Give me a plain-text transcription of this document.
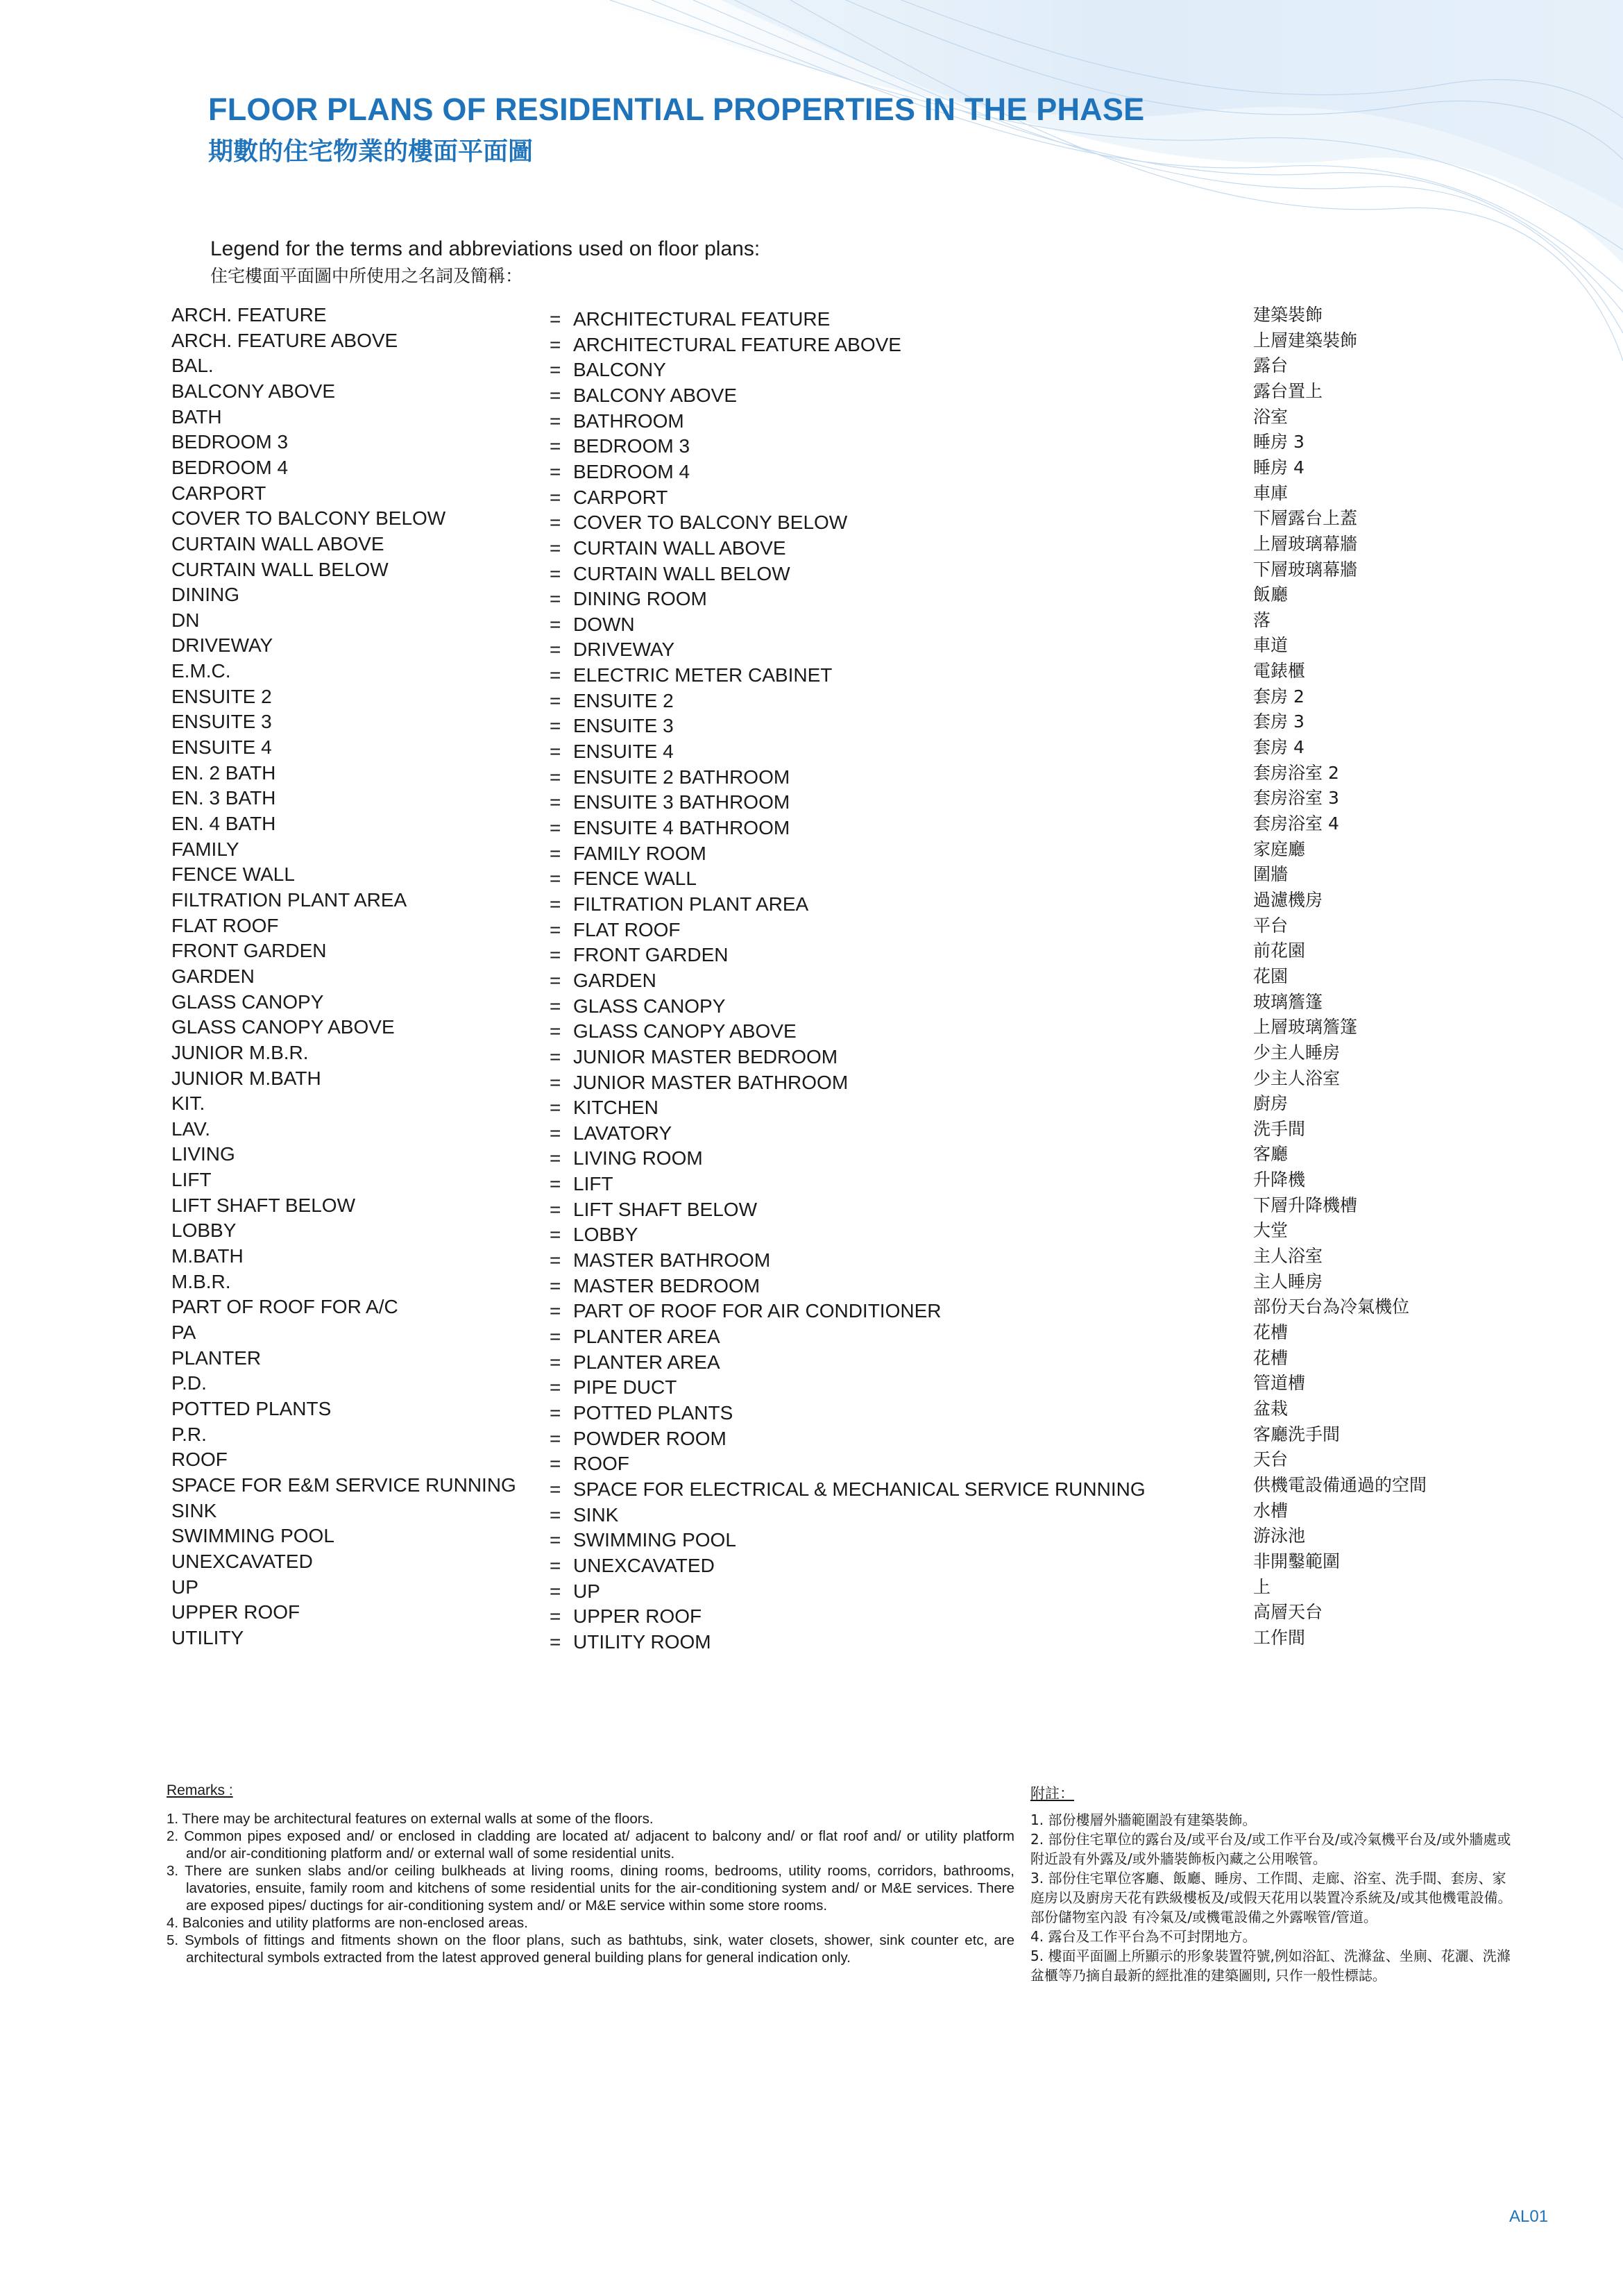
FLOOR PLANS OF RESIDENTIAL PROPERTIES IN THE PHASE
期數的住宅物業的樓面平面圖
Legend for the terms and abbreviations used on floor plans:
住宅樓面平面圖中所使用之名詞及簡稱：
ARCH. FEATURE	= ARCHITECTURAL FEATURE	建築裝飾
ARCH. FEATURE ABOVE	= ARCHITECTURAL FEATURE ABOVE	上層建築裝飾
BAL.	= BALCONY	露台
BALCONY ABOVE	= BALCONY ABOVE	露台置上
BATH	= BATHROOM	浴室
BEDROOM 3	= BEDROOM 3	睡房 3
BEDROOM 4	= BEDROOM 4	睡房 4
CARPORT	= CARPORT	車庫
COVER TO BALCONY BELOW	= COVER TO BALCONY BELOW	下層露台上蓋
CURTAIN WALL ABOVE	= CURTAIN WALL ABOVE	上層玻璃幕牆
CURTAIN WALL BELOW	= CURTAIN WALL BELOW	下層玻璃幕牆
DINING	= DINING ROOM	飯廳
DN	= DOWN	落
DRIVEWAY	= DRIVEWAY	車道
E.M.C.	= ELECTRIC METER CABINET	電錶櫃
ENSUITE 2	= ENSUITE 2	套房 2
ENSUITE 3	= ENSUITE 3	套房 3
ENSUITE 4	= ENSUITE 4	套房 4
EN. 2 BATH	= ENSUITE 2 BATHROOM	套房浴室 2
EN. 3 BATH	= ENSUITE 3 BATHROOM	套房浴室 3
EN. 4 BATH	= ENSUITE 4 BATHROOM	套房浴室 4
FAMILY	= FAMILY ROOM	家庭廳
FENCE WALL	= FENCE WALL	圍牆
FILTRATION PLANT AREA	= FILTRATION PLANT AREA	過濾機房
FLAT ROOF	= FLAT ROOF	平台
FRONT GARDEN	= FRONT GARDEN	前花園
GARDEN	= GARDEN	花園
GLASS CANOPY	= GLASS CANOPY	玻璃簷篷
GLASS CANOPY ABOVE	= GLASS CANOPY ABOVE	上層玻璃簷篷
JUNIOR M.B.R.	= JUNIOR MASTER BEDROOM	少主人睡房
JUNIOR M.BATH	= JUNIOR MASTER BATHROOM	少主人浴室
KIT.	= KITCHEN	廚房
LAV.	= LAVATORY	洗手間
LIVING	= LIVING ROOM	客廳
LIFT	= LIFT	升降機
LIFT SHAFT BELOW	= LIFT SHAFT BELOW	下層升降機槽
LOBBY	= LOBBY	大堂
M.BATH	= MASTER BATHROOM	主人浴室
M.B.R.	= MASTER BEDROOM	主人睡房
PART OF ROOF FOR A/C	= PART OF ROOF FOR AIR CONDITIONER	部份天台為冷氣機位
PA	= PLANTER AREA	花槽
PLANTER	= PLANTER AREA	花槽
P.D.	= PIPE DUCT	管道槽
POTTED PLANTS	= POTTED PLANTS	盆栽
P.R.	= POWDER ROOM	客廳洗手間
ROOF	= ROOF	天台
SPACE FOR E&M SERVICE RUNNING = SPACE FOR ELECTRICAL & MECHANICAL SERVICE RUNNING	供機電設備通過的空間
SINK	= SINK	水槽
SWIMMING POOL	= SWIMMING POOL	游泳池
UNEXCAVATED	= UNEXCAVATED	非開鑿範圍
UP	= UP	上
UPPER ROOF	= UPPER ROOF	高層天台
UTILITY	= UTILITY ROOM	工作間
Remarks :
1. There may be architectural features on external walls at some of the floors.
2. Common pipes exposed and/ or enclosed in cladding are located at/ adjacent to balcony and/ or flat roof and/ or utility platform and/or air-conditioning platform and/ or external wall of some residential units.
3. There are sunken slabs and/or ceiling bulkheads at living rooms, dining rooms, bedrooms, utility rooms, corridors, bathrooms, lavatories, ensuite, family room and kitchens of some residential units for the air-conditioning system and/ or M&E services. There are exposed pipes/ ductings for air-conditioning system and/ or M&E service within some store rooms.
4. Balconies and utility platforms are non-enclosed areas.
5. Symbols of fittings and fitments shown on the floor plans, such as bathtubs, sink, water closets, shower, sink counter etc, are architectural symbols extracted from the latest approved general building plans for general indication only.
附註：
1. 部份樓層外牆範圍設有建築裝飾。
2. 部份住宅單位的露台及/或平台及/或工作平台及/或冷氣機平台及/或外牆處或附近設有外露及/或外牆裝飾板內藏之公用喉管。
3. 部份住宅單位客廳、飯廳、睡房、工作間、走廊、浴室、洗手間、套房、家庭房以及廚房天花有跌級樓板及/或假天花用以裝置冷系統及/或其他機電設備。部份儲物室內設 有冷氣及/或機電設備之外露喉管/管道。
4. 露台及工作平台為不可封閉地方。
5. 樓面平面圖上所顯示的形象裝置符號,例如浴缸、洗滌盆、坐廁、花灑、洗滌盆櫃等乃摘自最新的經批准的建築圖則, 只作一般性標誌。
AL01
